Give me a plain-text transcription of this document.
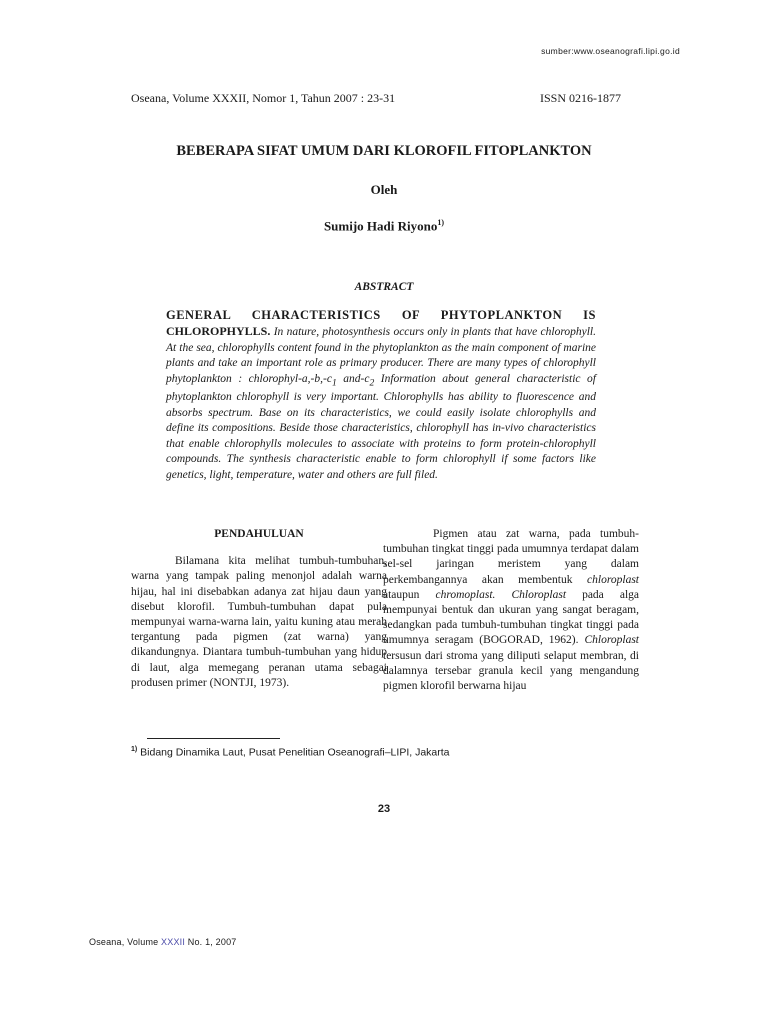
sumber:www.oseanografi.lipi.go.id
Oseana, Volume XXXII, Nomor 1, Tahun 2007 : 23-31	ISSN 0216-1877
BEBERAPA SIFAT UMUM DARI KLOROFIL FITOPLANKTON
Oleh
Sumijo Hadi Riyono$^{1)}$
ABSTRACT
GENERAL CHARACTERISTICS OF PHYTOPLANKTON IS
CHLOROPHYLLS. In nature, photosynthesis occurs only in plants that have chlorophyll. At the sea, chlorophylls content found in the phytoplankton as the main component of marine plants and take an important role as primary producer. There are many types of chlorophyll phytoplankton : chlorophyl-$a,-b,-c_1$ and-$c_2$ Information about general characteristic of phytoplankton chlorophyll is very important. Chlorophylls has ability to fluorescence and absorbs spectrum. Base on its characteristics, we could easily isolate chlorophylls and define its compositions. Beside those characteristics, chlorophyll has in-vivo characteristics that enable chlorophylls molecules to associate with proteins to form protein-chlorophyll compounds. The synthesis characteristic enable to form chlorophyll if some factors like genetics, light, temperature, water and others are full filed.
PENDAHULUAN

Bilamana kita melihat tumbuh-tumbuhan, warna yang tampak paling menonjol adalah warna hijau, hal ini disebabkan adanya zat hijau daun yang disebut klorofil. Tumbuh-tumbuhan dapat pula mempunyai warna-warna lain, yaitu kuning atau merah tergantung pada pigmen (zat warna) yang dikandungnya. Diantara tumbuh-tumbuhan yang hidup di laut, alga memegang peranan utama sebagai produsen primer (NONTJI, 1973).

Pigmen atau zat warna, pada tumbuh-tumbuhan tingkat tinggi pada umumnya terdapat dalam sel-sel jaringan meristem yang dalam perkembangannya akan membentuk chloroplast ataupun chromoplast. Chloroplast pada alga mempunyai bentuk dan ukuran yang sangat beragam, sedangkan pada tumbuh-tumbuhan tingkat tinggi pada umumnya seragam (BOGORAD, 1962). Chloroplast tersusun dari stroma yang diliputi selaput membran, di dalamnya tersebar granula kecil yang mengandung pigmen klorofil berwarna hijau

$^{1)}$ Bidang Dinamika Laut, Pusat Penelitian Oseanografi–LIPI, Jakarta
23
Oseana, Volume XXXII No. 1, 2007
